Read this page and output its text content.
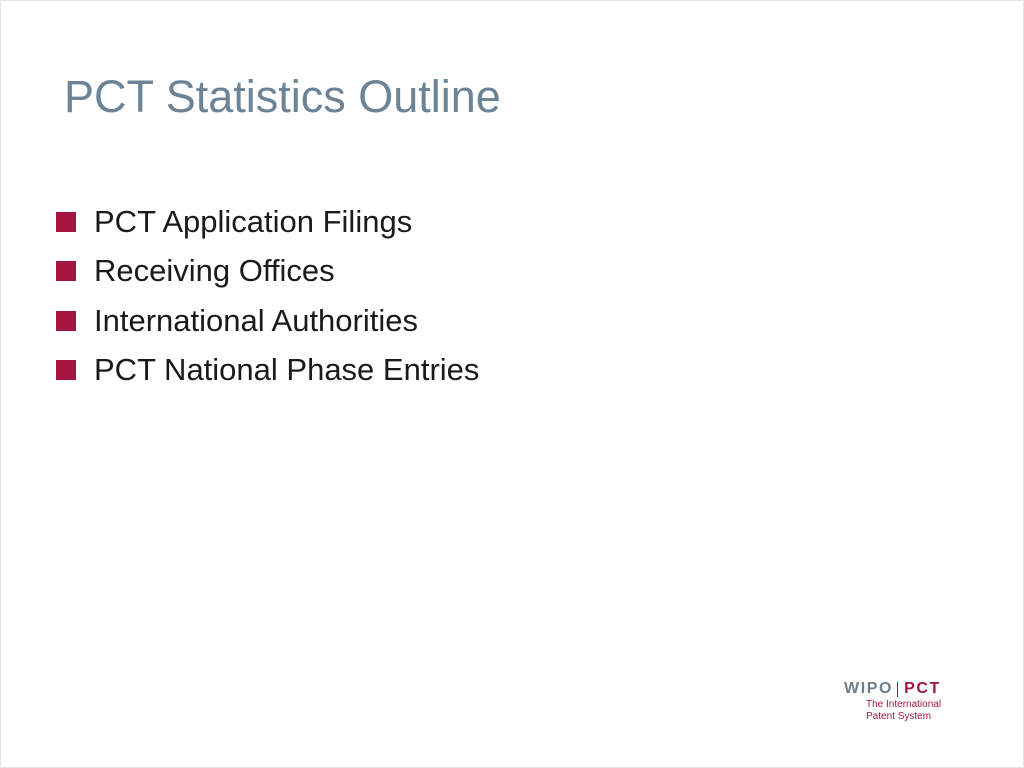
PCT Statistics Outline
PCT Application Filings
Receiving Offices
International Authorities
PCT National Phase Entries
WIPO PCT
The International
Patent System
